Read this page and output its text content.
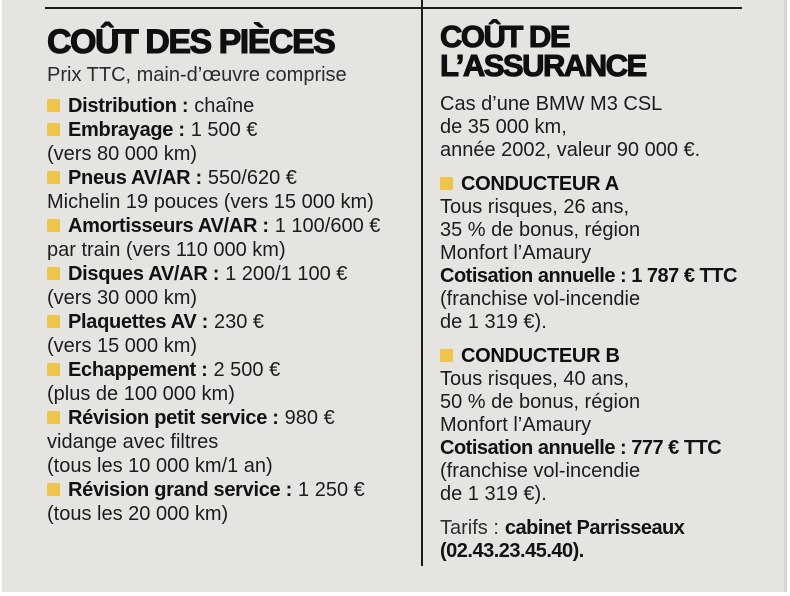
COÛT DES PIÈCES

Prix TTC, main-d’œuvre comprise

Distribution : chaîne
Embrayage : 1 500 €
(vers 80 000 km)
Pneus AV/AR : 550/620 €
Michelin 19 pouces (vers 15 000 km)
Amortisseurs AV/AR : 1 100/600 €
par train (vers 110 000 km)
Disques AV/AR : 1 200/1 100 €
(vers 30 000 km)
Plaquettes AV : 230 €
(vers 15 000 km)
Echappement : 2 500 €
(plus de 100 000 km)
Révision petit service : 980 €
vidange avec filtres
(tous les 10 000 km/1 an)
Révision grand service : 1 250 €
(tous les 20 000 km)
COÛT DE
L’ASSURANCE
Cas d’une BMW M3 CSL
de 35 000 km,
année 2002, valeur 90 000 €.
CONDUCTEUR A
Tous risques, 26 ans,
35 % de bonus, région
Monfort l’Amaury
Cotisation annuelle : 1 787 € TTC
(franchise vol-incendie
de 1 319 €).
CONDUCTEUR B
Tous risques, 40 ans,
50 % de bonus, région
Monfort l’Amaury
Cotisation annuelle : 777 € TTC
(franchise vol-incendie
de 1 319 €).
Tarifs : cabinet Parrisseaux
(02.43.23.45.40).
